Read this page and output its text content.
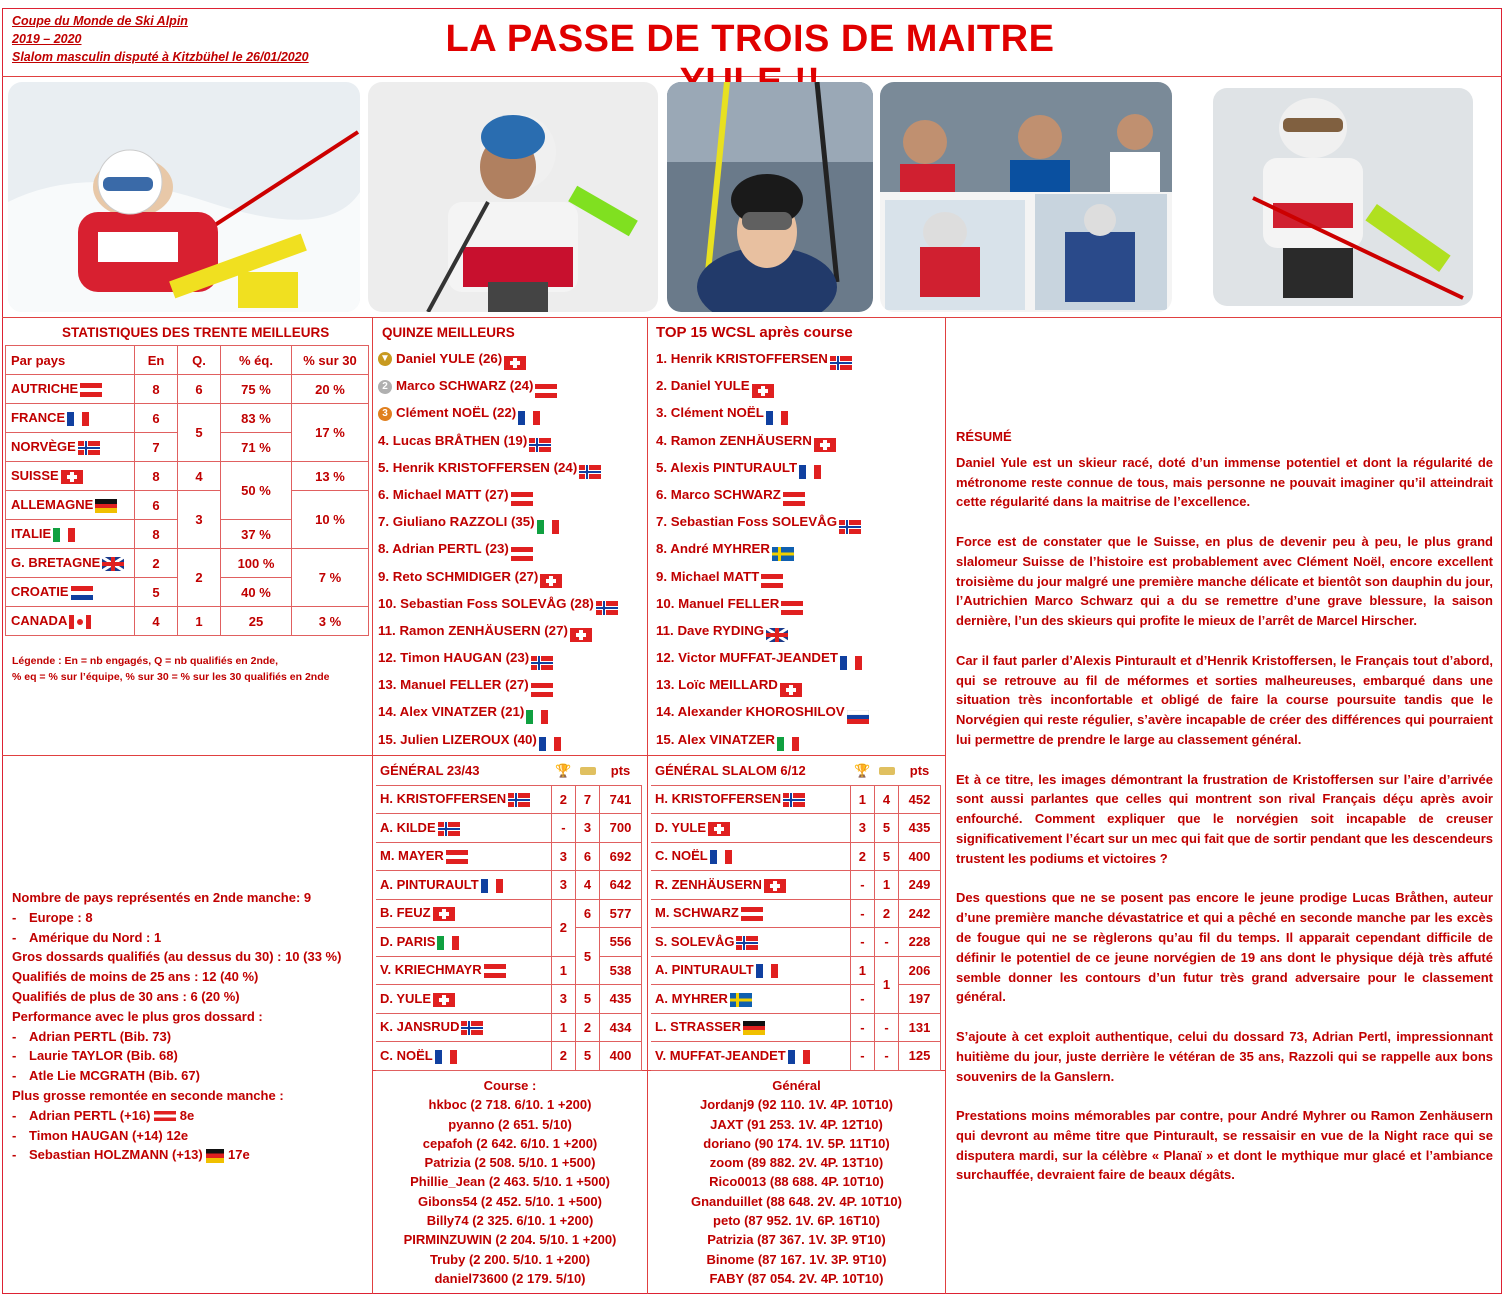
Coupe du Monde de Ski Alpin
2019 – 2020
Slalom masculin disputé à Kitzbühel le 26/01/2020	LA PASSE DE TROIS DE MAITRE
STATISTIQUES DES TRENTE MEILLEURS
Par pays	En	Q.	% éq.	% sur 30
AUTRICHE	8	6	75 %	20 %
FRANCE	6	5	83 %	17 %
NORVÈGE	7		71 %	
SUISSE	8	4	50 %	13 %
ALLEMAGNE	6	3		10 %
ITALIE	8		37 %	
G. BRETAGNE	2	2	100 %	7 %
CROATIE	5		40 %	
CANADA	4	1	25	3 %
Légende : En = nb engagés, Q = nb qualifiés en 2nde,
% eq = % sur l’équipe, % sur 30 = % sur les 30 qualifiés en 2nde
QUINZE MEILLEURS
▼ Daniel YULE (26)
2 Marco SCHWARZ (24)
3 Clément NOËL (22)
4. Lucas BRÅTHEN (19)
5. Henrik KRISTOFFERSEN (24)
6. Michael MATT (27)
7. Giuliano RAZZOLI (35)
8. Adrian PERTL (23)
9. Reto SCHMIDIGER (27)
10. Sebastian Foss SOLEVÅG (28)
11. Ramon ZENHÄUSERN (27)
12. Timon HAUGAN (23)
13. Manuel FELLER (27)
14. Alex VINATZER (21)
15. Julien LIZEROUX (40)
TOP 15 WCSL après course
1. Henrik KRISTOFFERSEN
2. Daniel YULE
3. Clément NOËL
4. Ramon ZENHÄUSERN
5. Alexis PINTURAULT
6. Marco SCHWARZ
7. Sebastian Foss SOLEVÅG
8. André MYHRER
9. Michael MATT
10. Manuel FELLER
11. Dave RYDING
12. Victor MUFFAT-JEANDET
13. Loïc MEILLARD
14. Alexander KHOROSHILOV
15. Alex VINATZER
GÉNÉRAL 23/43	🏆		pts
H. KRISTOFFERSEN	2	7	741
A. KILDE	-	3	700
M. MAYER	3	6	692
A. PINTURAULT	3	4	642
B. FEUZ	2	6	577
D. PARIS		5	556
V. KRIECHMAYR	1		538
D. YULE	3	5	435
K. JANSRUD	1	2	434
C. NOËL	2	5	400
GÉNÉRAL SLALOM 6/12	🏆		pts
H. KRISTOFFERSEN	1	4	452
D. YULE	3	5	435
C. NOËL	2	5	400
R. ZENHÄUSERN	-	1	249
M. SCHWARZ	-	2	242
S. SOLEVÅG	-	-	228
A. PINTURAULT	1	1	206
A. MYHRER	-		197
L. STRASSER	-	-	131
V. MUFFAT-JEANDET	-	-	125
Nombre de pays représentés en 2nde manche: 9
- Europe : 8
- Amérique du Nord : 1
Gros dossards qualifiés (au dessus du 30) : 10 (33 %)
Qualifiés de moins de 25 ans : 12 (40 %)
Qualifiés de plus de 30 ans : 6 (20 %)
Performance avec le plus gros dossard :
- Adrian PERTL (Bib. 73)
- Laurie TAYLOR (Bib. 68)
- Atle Lie MCGRATH (Bib. 67)
Plus grosse remontée en seconde manche :
- Adrian PERTL (+16) 8e
- Timon HAUGAN (+14) 12e
- Sebastian HOLZMANN (+13) 17e
Course :
hkboc (2 718. 6/10. 1 +200)
pyanno (2 651. 5/10)
cepafoh (2 642. 6/10. 1 +200)
Patrizia (2 508. 5/10. 1 +500)
Phillie_Jean (2 463. 5/10. 1 +500)
Gibons54 (2 452. 5/10. 1 +500)
Billy74 (2 325. 6/10. 1 +200)
PIRMINZUWIN (2 204. 5/10. 1 +200)
Truby (2 200. 5/10. 1 +200)
daniel73600 (2 179. 5/10)
Général
Jordanj9 (92 110. 1V. 4P. 10T10)
JAXT (91 253. 1V. 4P. 12T10)
doriano (90 174. 1V. 5P. 11T10)
zoom (89 882. 2V. 4P. 13T10)
Rico0013 (88 688. 4P. 10T10)
Gnanduillet (88 648. 2V. 4P. 10T10)
peto (87 952. 1V. 6P. 16T10)
Patrizia (87 367. 1V. 3P. 9T10)
Binome (87 167. 1V. 3P. 9T10)
FABY (87 054. 2V. 4P. 10T10)

RÉSUMÉ

Daniel Yule est un skieur racé, doté d’un immense potentiel et dont la régularité de métronome reste connue de tous, mais personne ne pouvait imaginer qu’il atteindrait cette régularité dans la maitrise de l’excellence.

Force est de constater que le Suisse, en plus de devenir peu à peu, le plus grand slalomeur Suisse de l’histoire est probablement avec Clément Noël, encore excellent troisième du jour malgré une première manche délicate et bientôt son dauphin du jour, l’Autrichien Marco Schwarz qui a du se remettre d’une grave blessure, la saison dernière, l’un des skieurs qui profite le mieux de l’arrêt de Marcel Hirscher.

Car il faut parler d’Alexis Pinturault et d’Henrik Kristoffersen, le Français tout d’abord, qui se retrouve au fil de méformes et sorties malheureuses, embarqué dans une situation très inconfortable et obligé de faire la course poursuite tandis que le Norvégien qui reste régulier, s’avère incapable de créer des différences qui pourraient lui permettre de prendre le large au classement général.

Et à ce titre, les images démontrant la frustration de Kristoffersen sur l’aire d’arrivée sont aussi parlantes que celles qui montrent son rival Français déçu après avoir enfourché. Comment expliquer que le norvégien soit incapable de creuser significativement l’écart sur un mec qui fait que de sortir pendant que les descendeurs trustent les podiums et victoires ?

Des questions que ne se posent pas encore le jeune prodige Lucas Bråthen, auteur d’une première manche dévastatrice et qui a pêché en seconde manche par les excès de fougue qui ne se règlerons qu’au fil du temps. Il apparait cependant difficile de définir le potentiel de ce jeune norvégien de 19 ans dont le physique déjà très affuté semble donner les contours d’un futur très grand adversaire pour le classement général.

S’ajoute à cet exploit authentique, celui du dossard 73, Adrian Pertl, impressionnant huitième du jour, juste derrière le vétéran de 35 ans, Razzoli qui se rappelle aux bons souvenirs de la Ganslern.

Prestations moins mémorables par contre, pour André Myhrer ou Ramon Zenhäusern qui devront au même titre que Pinturault, se ressaisir en vue de la Night race qui se disputera mardi, sur la célèbre « Planaï » et dont le mythique mur glacé et l’ambiance surchauffée, devraient faire de beaux dégâts.
